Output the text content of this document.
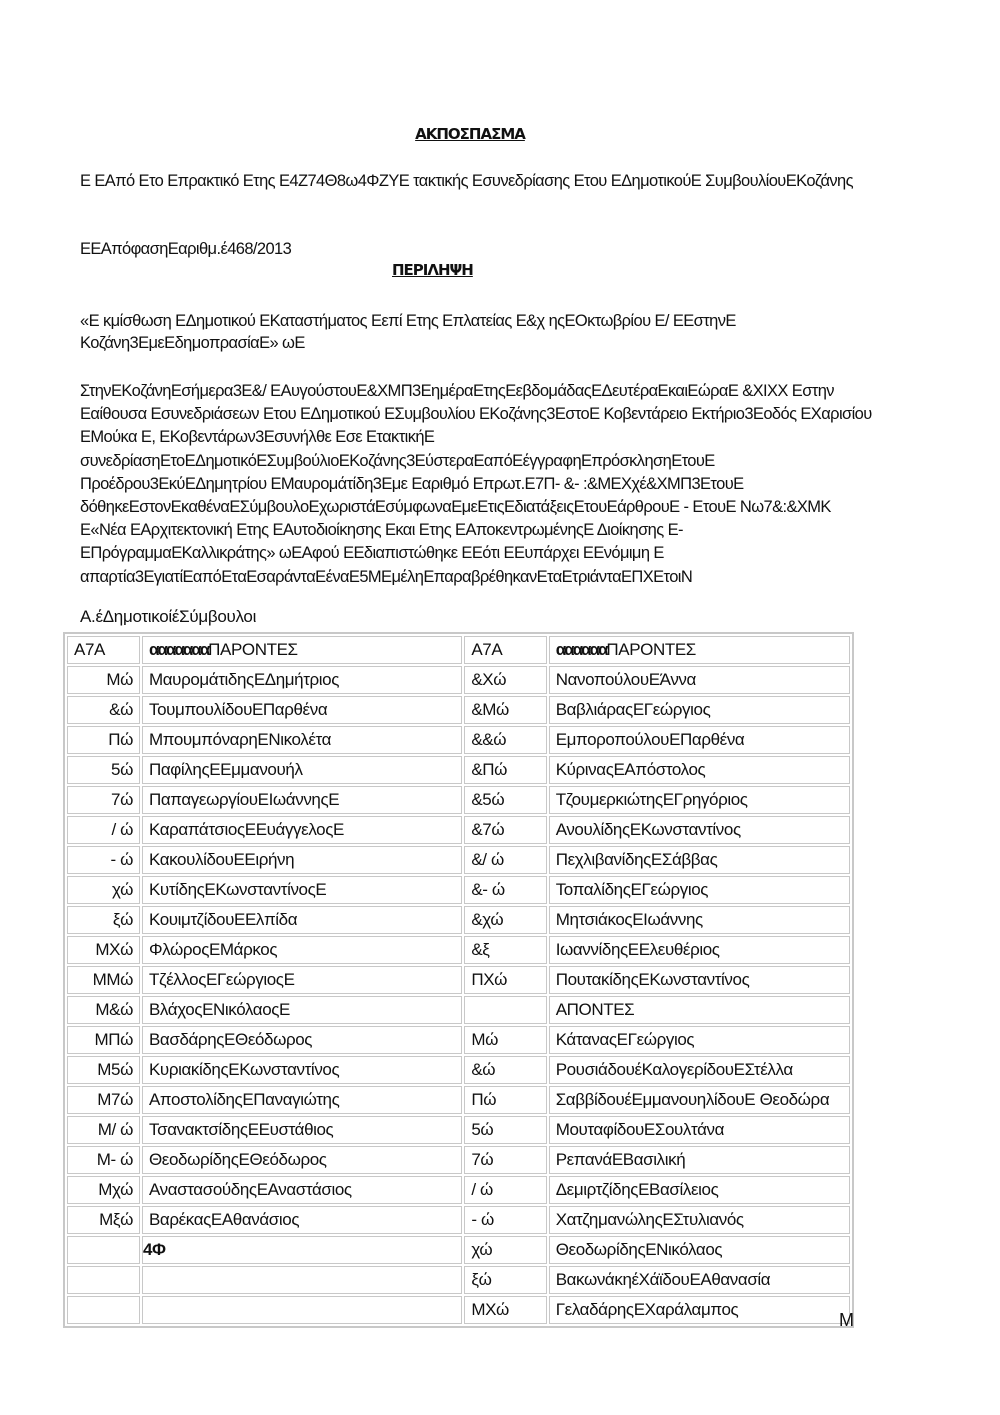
ΑΚΠΟΣΠΑΣΜΑ
Ε ΕΑπό Ετο Επρακτικό Ετης Ε4Ζ74Θ8ω4ΦΖΥΕ τακτικής Εσυνεδρίασης Ετου ΕΔημοτικούΕ ΣυμβουλίουΕΚοζάνης
ΕΕΑπόφασηΕαριθμ.έ468/2013
ΠΕΡΙΛΗΨΗ
«Ε κμίσθωση ΕΔημοτικού ΕΚαταστήματος Εεπί Ετης Επλατείας Ε&χ ηςΕΟκτωβρίου Ε/ ΕΕστηνΕ Κοζάνη3ΕμεΕδημοπρασίαΕ» ωΕ
ΣτηνΕΚοζάνηΕσήμερα3Ε&/ ΕΑυγούστουΕ&ΧΜΠ3ΕημέραΕτηςΕεβδομάδαςΕΔευτέραΕκαιΕώραΕ &ΧΙΧΧ Εστην Εαίθουσα Εσυνεδριάσεων Ετου ΕΔημοτικού ΕΣυμβουλίου ΕΚοζάνης3ΕστοΕ Κοβεντάρειο Εκτήριο3Εοδός ΕΧαρισίου ΕΜούκα Ε, ΕΚοβεντάρων3Εσυνήλθε Εσε ΕτακτικήΕ συνεδρίασηΕτοΕΔημοτικόΕΣυμβούλιοΕΚοζάνης3ΕύστεραΕαπόΕέγγραφηΕπρόσκλησηΕτουΕ Προέδρου3ΕκύΕΔημητρίου ΕΜαυρομάτίδη3Εμε Εαριθμό Επρωτ.Ε7Π- &- :&ΜΕΧχέ&ΧΜΠ3ΕτουΕ δόθηκεΕστονΕκαθέναΕΣύμβουλοΕχωριστάΕσύμφωναΕμεΕτιςΕδιατάξειςΕτουΕάρθρουΕ - ΕτουΕ Νω7&:&ΧΜΚ Ε«Νέα ΕΑρχιτεκτονική Ετης ΕΑυτοδιοίκησης Εκαι Ετης ΕΑποκεντρωμένηςΕ Διοίκησης Ε- ΕΠρόγραμμαΕΚαλλικράτης» ωΕΑφού ΕΕδιαπιστώθηκε ΕΕότι ΕΕυπάρχει ΕΕνόμιμη Ε απαρτία3ΕγιατίΕαπόΕταΕσαράνταΕέναΕ5ΜΕμέληΕπαραβρέθηκανΕταΕτριάνταΕΠΧΕτοιΝ
Α.έΔημοτικοίέΣύμβουλοι
Α7Α	αααααααΠΑΡΟΝΤΕΣ	Α7Α	ααααααΠΑΡΟΝΤΕΣ
Μώ	ΜαυρομάτιδηςΕΔημήτριος	&Χώ	ΝανοπούλουΕΆννα
&ώ	ΤουμπουλίδουΕΠαρθένα	&Μώ	ΒαβλιάραςΕΓεώργιος
Πώ	ΜπουμπόναρηΕΝικολέτα	&&ώ	ΕμποροπούλουΕΠαρθένα
5ώ	ΠαφίληςΕΕμμανουήλ	&Πώ	ΚύριναςΕΑπόστολος
7ώ	ΠαπαγεωργίουΕΙωάννηςΕ	&5ώ	ΤζουμερκιώτηςΕΓρηγόριος
/ ώ	ΚαραπάτσιοςΕΕυάγγελοςΕ	&7ώ	ΑνουλίδηςΕΚωνσταντίνος
- ώ	ΚακουλίδουΕΕιρήνη	&/ ώ	ΠεχλιβανίδηςΕΣάββας
χώ	ΚυτίδηςΕΚωνσταντίνοςΕ	&- ώ	ΤοπαλίδηςΕΓεώργιος
ξώ	ΚουιμτζίδουΕΕλπίδα	&χώ	ΜητσιάκοςΕΙωάννης
ΜΧώ	ΦλώροςΕΜάρκος	&ξ	ΙωαννίδηςΕΕλευθέριος
ΜΜώ	ΤζέλλοςΕΓεώργιοςΕ	ΠΧώ	ΠουτακίδηςΕΚωνσταντίνος
Μ&ώ	ΒλάχοςΕΝικόλαοςΕ		ΑΠΟΝΤΕΣ
ΜΠώ	ΒασδάρηςΕΘεόδωρος	Μώ	ΚάταναςΕΓεώργιος
Μ5ώ	ΚυριακίδηςΕΚωνσταντίνος	&ώ	ΡουσιάδουέΚαλογερίδουΕΣτέλλα
Μ7ώ	ΑποστολίδηςΕΠαναγιώτης	Πώ	ΣαββίδουέΕμμανουηλίδουΕ Θεοδώρα
Μ/ ώ	ΤσανακτσίδηςΕΕυστάθιος	5ώ	ΜουταφίδουΕΣουλτάνα
Μ- ώ	ΘεοδωρίδηςΕΘεόδωρος	7ώ	ΡεπανάΕΒασιλική
Μχώ	ΑναστασούδηςΕΑναστάσιος	/ ώ	ΔεμιρτζίδηςΕΒασίλειος
Μξώ	ΒαρέκαςΕΑθανάσιος	- ώ	ΧατζημανώληςΕΣτυλιανός
	4Φ	χώ	ΘεοδωρίδηςΕΝικόλαος
		ξώ	ΒακωνάκηέΧάϊδουΕΑθανασία
		ΜΧώ	ΓελαδάρηςΕΧαράλαμπος
Μ
